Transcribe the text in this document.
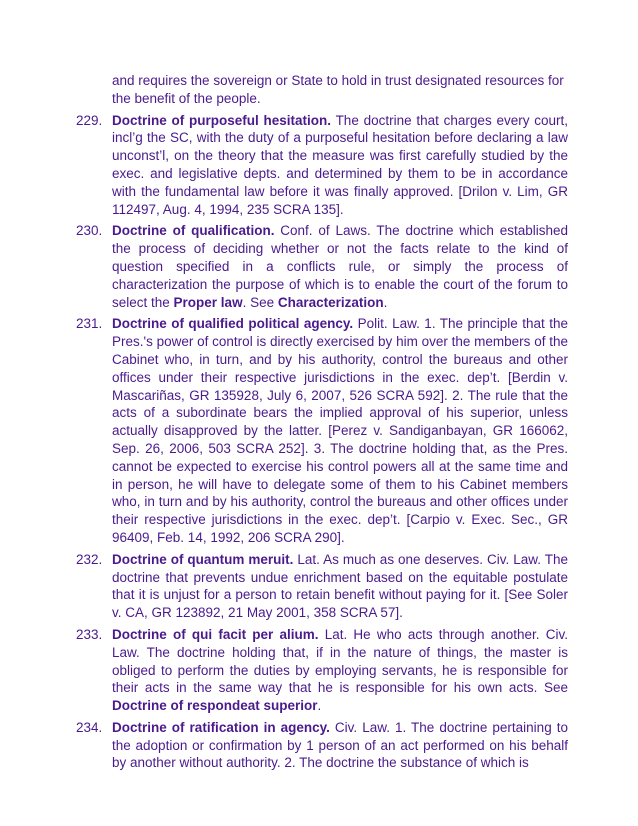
and requires the sovereign or State to hold in trust designated resources for the benefit of the people.
229. Doctrine of purposeful hesitation. The doctrine that charges every court, incl’g the SC, with the duty of a purposeful hesitation before declaring a law unconst’l, on the theory that the measure was first carefully studied by the exec. and legislative depts. and determined by them to be in accordance with the fundamental law before it was finally approved. [Drilon v. Lim, GR 112497, Aug. 4, 1994, 235 SCRA 135].
230. Doctrine of qualification. Conf. of Laws. The doctrine which established the process of deciding whether or not the facts relate to the kind of question specified in a conflicts rule, or simply the process of characterization the purpose of which is to enable the court of the forum to select the Proper law. See Characterization.
231. Doctrine of qualified political agency. Polit. Law. 1. The principle that the Pres.'s power of control is directly exercised by him over the members of the Cabinet who, in turn, and by his authority, control the bureaus and other offices under their respective jurisdictions in the exec. dep’t. [Berdin v. Mascariñas, GR 135928, July 6, 2007, 526 SCRA 592]. 2. The rule that the acts of a subordinate bears the implied approval of his superior, unless actually disapproved by the latter. [Perez v. Sandiganbayan, GR 166062, Sep. 26, 2006, 503 SCRA 252]. 3. The doctrine holding that, as the Pres. cannot be expected to exercise his control powers all at the same time and in person, he will have to delegate some of them to his Cabinet members who, in turn and by his authority, control the bureaus and other offices under their respective jurisdictions in the exec. dep’t. [Carpio v. Exec. Sec., GR 96409, Feb. 14, 1992, 206 SCRA 290].
232. Doctrine of quantum meruit. Lat. As much as one deserves. Civ. Law. The doctrine that prevents undue enrichment based on the equitable postulate that it is unjust for a person to retain benefit without paying for it. [See Soler v. CA, GR 123892, 21 May 2001, 358 SCRA 57].
233. Doctrine of qui facit per alium. Lat. He who acts through another. Civ. Law. The doctrine holding that, if in the nature of things, the master is obliged to perform the duties by employing servants, he is responsible for their acts in the same way that he is responsible for his own acts. See Doctrine of respondeat superior.
234. Doctrine of ratification in agency. Civ. Law. 1. The doctrine pertaining to the adoption or confirmation by 1 person of an act performed on his behalf by another without authority. 2. The doctrine the substance of which is
